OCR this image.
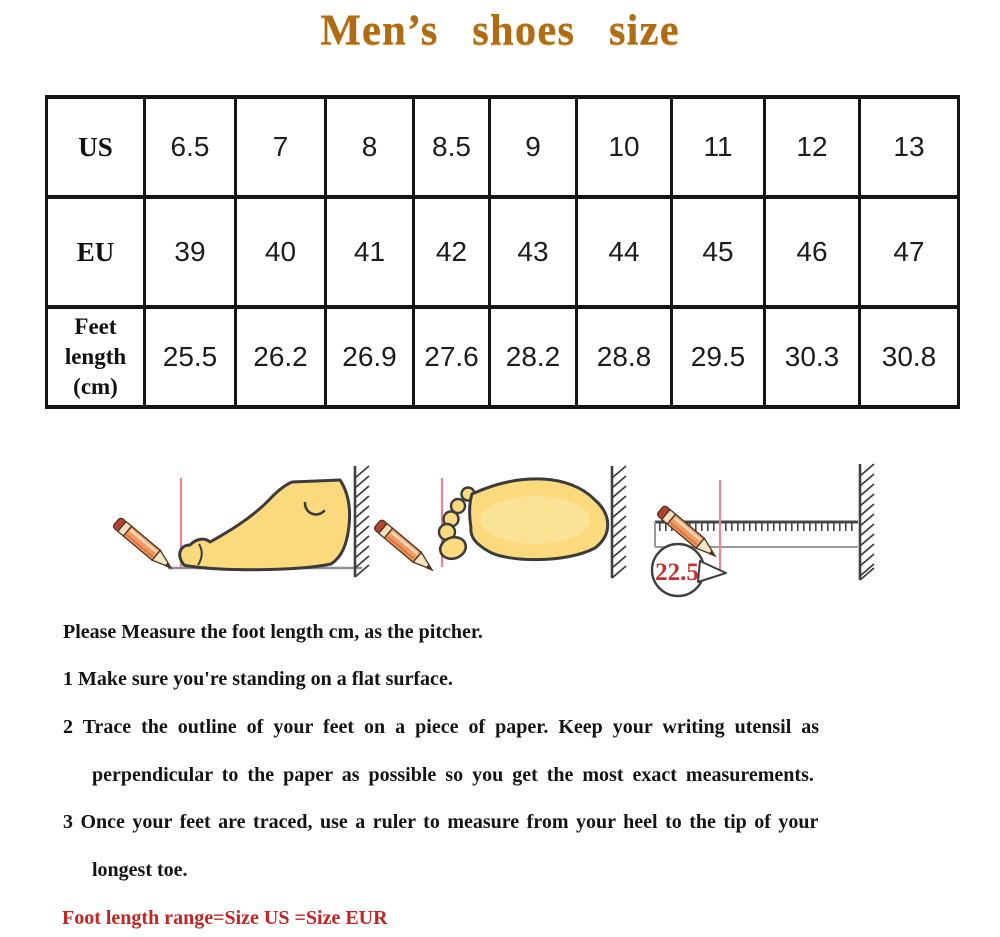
Men’s shoes size
US	6.5	7	8	8.5	9	10	11	12	13
EU	39	40	41	42	43	44	45	46	47
Feet length (cm)	25.5	26.2	26.9	27.6	28.2	28.8	29.5	30.3	30.8
22.5
Please Measure the foot length cm, as the pitcher.
1 Make sure you're standing on a flat surface.
2 Trace the outline of your feet on a piece of paper. Keep your writing utensil as
perpendicular to the paper as possible so you get the most exact measurements.
3 Once your feet are traced, use a ruler to measure from your heel to the tip of your
longest toe.
Foot length range=Size US =Size EUR
